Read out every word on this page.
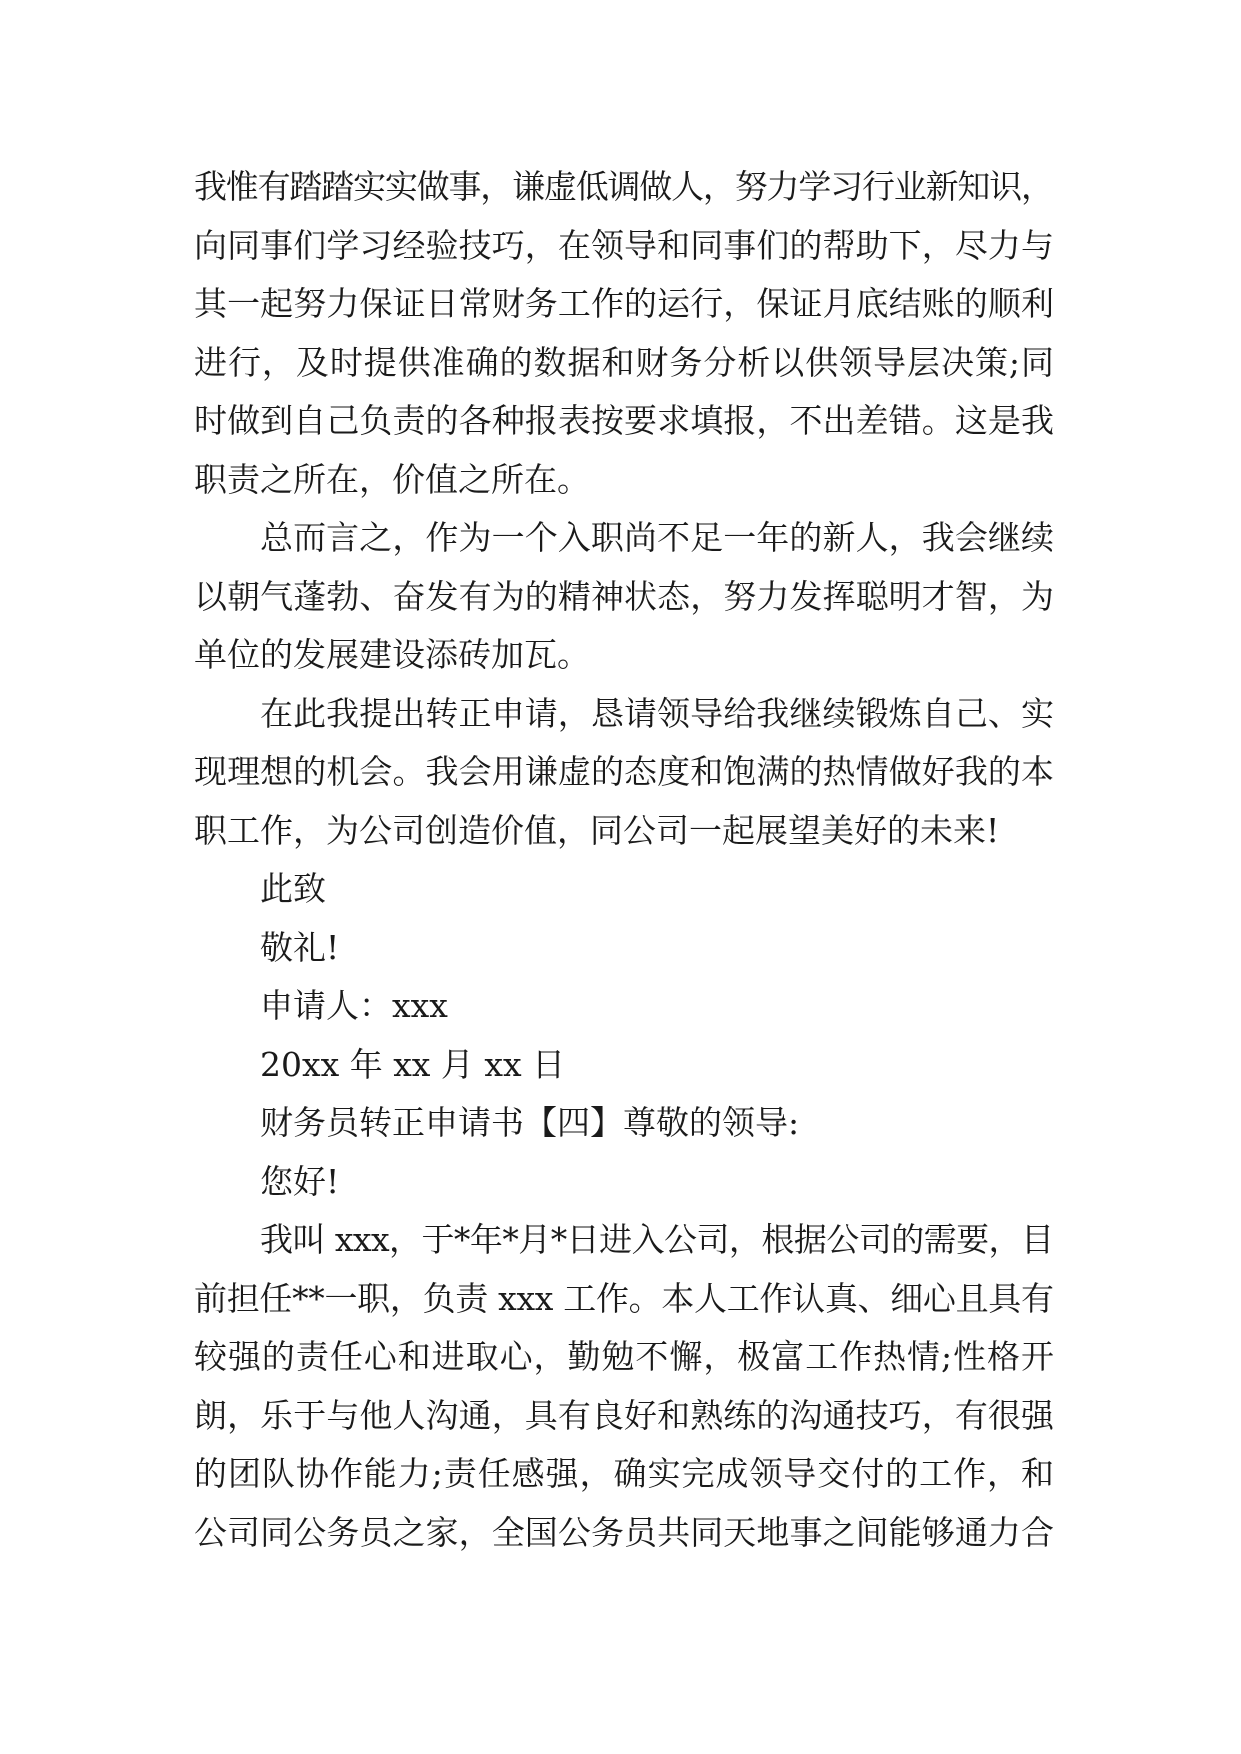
我惟有踏踏实实做事，谦虚低调做人，努力学习行业新知识，
向同事们学习经验技巧，在领导和同事们的帮助下，尽力与
其一起努力保证日常财务工作的运行，保证月底结账的顺利
进行，及时提供准确的数据和财务分析以供领导层决策;同
时做到自己负责的各种报表按要求填报，不出差错。这是我
职责之所在，价值之所在。
总而言之，作为一个入职尚不足一年的新人，我会继续
以朝气蓬勃、奋发有为的精神状态，努力发挥聪明才智，为
单位的发展建设添砖加瓦。
在此我提出转正申请，恳请领导给我继续锻炼自己、实
现理想的机会。我会用谦虚的态度和饱满的热情做好我的本
职工作，为公司创造价值，同公司一起展望美好的未来!
此致
敬礼!
申请人：xxx
20xx 年 xx 月 xx 日
财务员转正申请书【四】尊敬的领导:
您好!
我叫 xxx，于*年*月*日进入公司，根据公司的需要，目
前担任**一职，负责 xxx 工作。本人工作认真、细心且具有
较强的责任心和进取心，勤勉不懈，极富工作热情;性格开
朗，乐于与他人沟通，具有良好和熟练的沟通技巧，有很强
的团队协作能力;责任感强，确实完成领导交付的工作，和
公司同公务员之家，全国公务员共同天地事之间能够通力合
